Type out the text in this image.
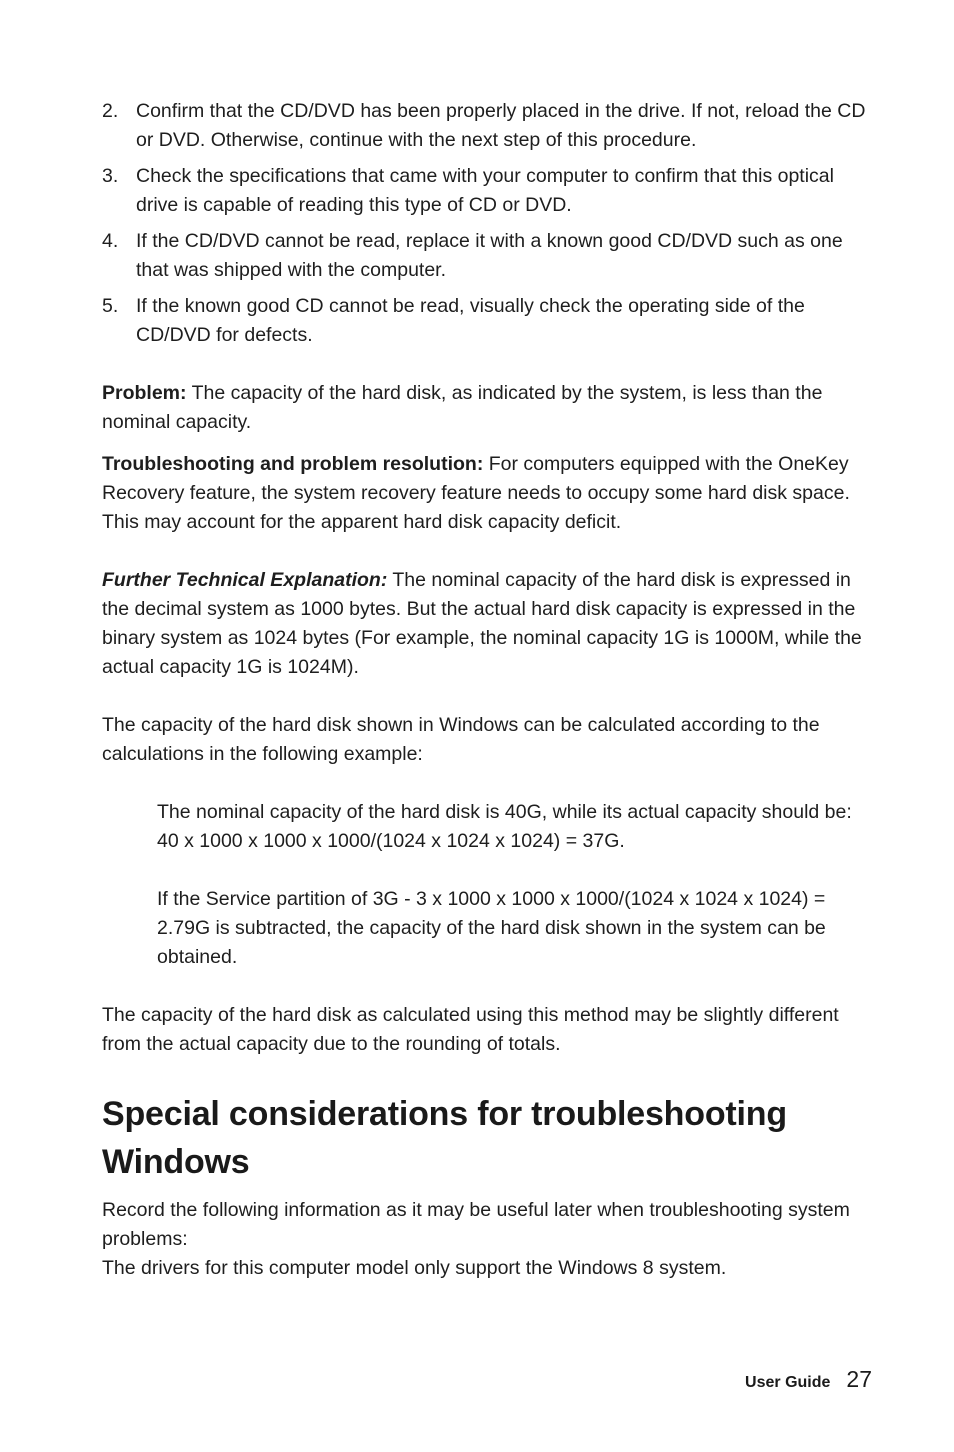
2. Confirm that the CD/DVD has been properly placed in the drive. If not, reload the CD or DVD. Otherwise, continue with the next step of this procedure.
3. Check the specifications that came with your computer to confirm that this optical drive is capable of reading this type of CD or DVD.
4. If the CD/DVD cannot be read, replace it with a known good CD/DVD such as one that was shipped with the computer.
5. If the known good CD cannot be read, visually check the operating side of the CD/DVD for defects.

Problem: The capacity of the hard disk, as indicated by the system, is less than the nominal capacity.

Troubleshooting and problem resolution: For computers equipped with the OneKey Recovery feature, the system recovery feature needs to occupy some hard disk space. This may account for the apparent hard disk capacity deficit.

Further Technical Explanation: The nominal capacity of the hard disk is expressed in the decimal system as 1000 bytes. But the actual hard disk capacity is expressed in the binary system as 1024 bytes (For example, the nominal capacity 1G is 1000M, while the actual capacity 1G is 1024M).

The capacity of the hard disk shown in Windows can be calculated according to the calculations in the following example:

The nominal capacity of the hard disk is 40G, while its actual capacity should be: 40 x 1000 x 1000 x 1000/(1024 x 1024 x 1024) = 37G.

If the Service partition of 3G - 3 x 1000 x 1000 x 1000/(1024 x 1024 x 1024) = 2.79G is subtracted, the capacity of the hard disk shown in the system can be obtained.

The capacity of the hard disk as calculated using this method may be slightly different from the actual capacity due to the rounding of totals.

Special considerations for troubleshooting Windows

Record the following information as it may be useful later when troubleshooting system problems:

The drivers for this computer model only support the Windows 8 system.

User Guide 27
